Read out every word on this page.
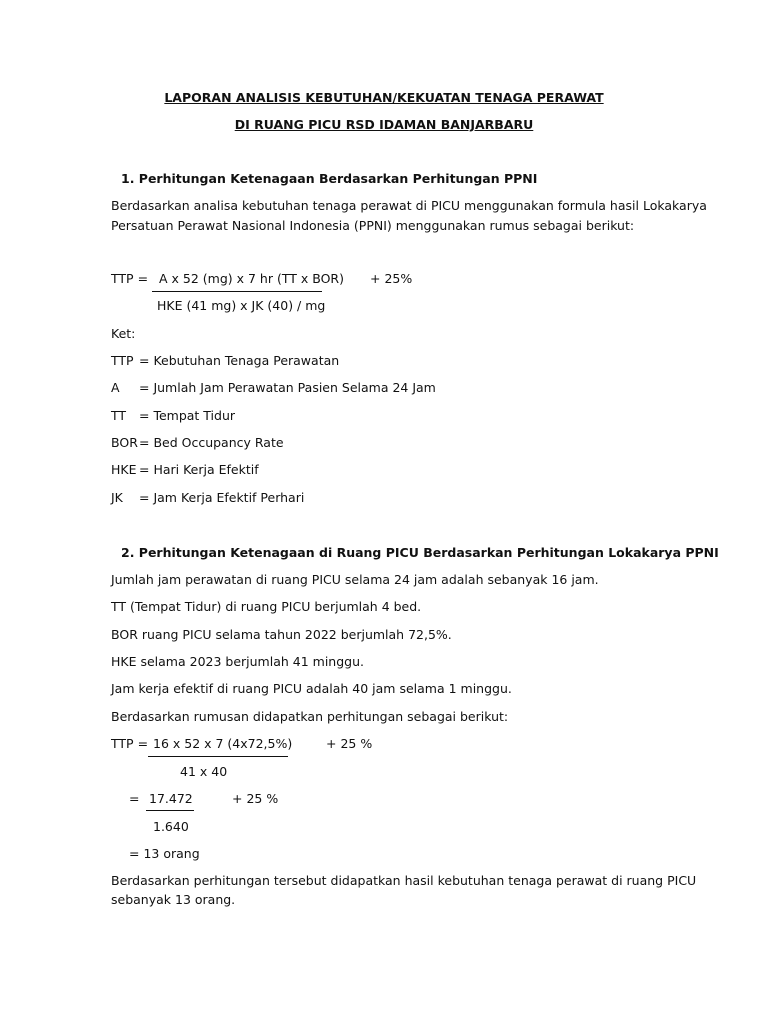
LAPORAN ANALISIS KEBUTUHAN/KEKUATAN TENAGA PERAWAT
DI RUANG PICU RSD IDAMAN BANJARBARU
1. Perhitungan Ketenagaan Berdasarkan Perhitungan PPNI
Berdasarkan analisa kebutuhan tenaga perawat di PICU menggunakan formula hasil Lokakarya
Persatuan Perawat Nasional Indonesia (PPNI) menggunakan rumus sebagai berikut:
TTP = A x 52 (mg) x 7 hr (TT x BOR) + 25%
HKE (41 mg) x JK (40) / mg
Ket:
TTP = Kebutuhan Tenaga Perawatan
A = Jumlah Jam Perawatan Pasien Selama 24 Jam
TT = Tempat Tidur
BOR = Bed Occupancy Rate
HKE = Hari Kerja Efektif
JK = Jam Kerja Efektif Perhari
2. Perhitungan Ketenagaan di Ruang PICU Berdasarkan Perhitungan Lokakarya PPNI
Jumlah jam perawatan di ruang PICU selama 24 jam adalah sebanyak 16 jam.
TT (Tempat Tidur) di ruang PICU berjumlah 4 bed.
BOR ruang PICU selama tahun 2022 berjumlah 72,5%.
HKE selama 2023 berjumlah 41 minggu.
Jam kerja efektif di ruang PICU adalah 40 jam selama 1 minggu.
Berdasarkan rumusan didapatkan perhitungan sebagai berikut:
TTP = 16 x 52 x 7 (4x72,5%)	+ 25 %
41 x 40
= 17.472	+ 25 %
1.640
= 13 orang
Berdasarkan perhitungan tersebut didapatkan hasil kebutuhan tenaga perawat di ruang PICU
sebanyak 13 orang.
